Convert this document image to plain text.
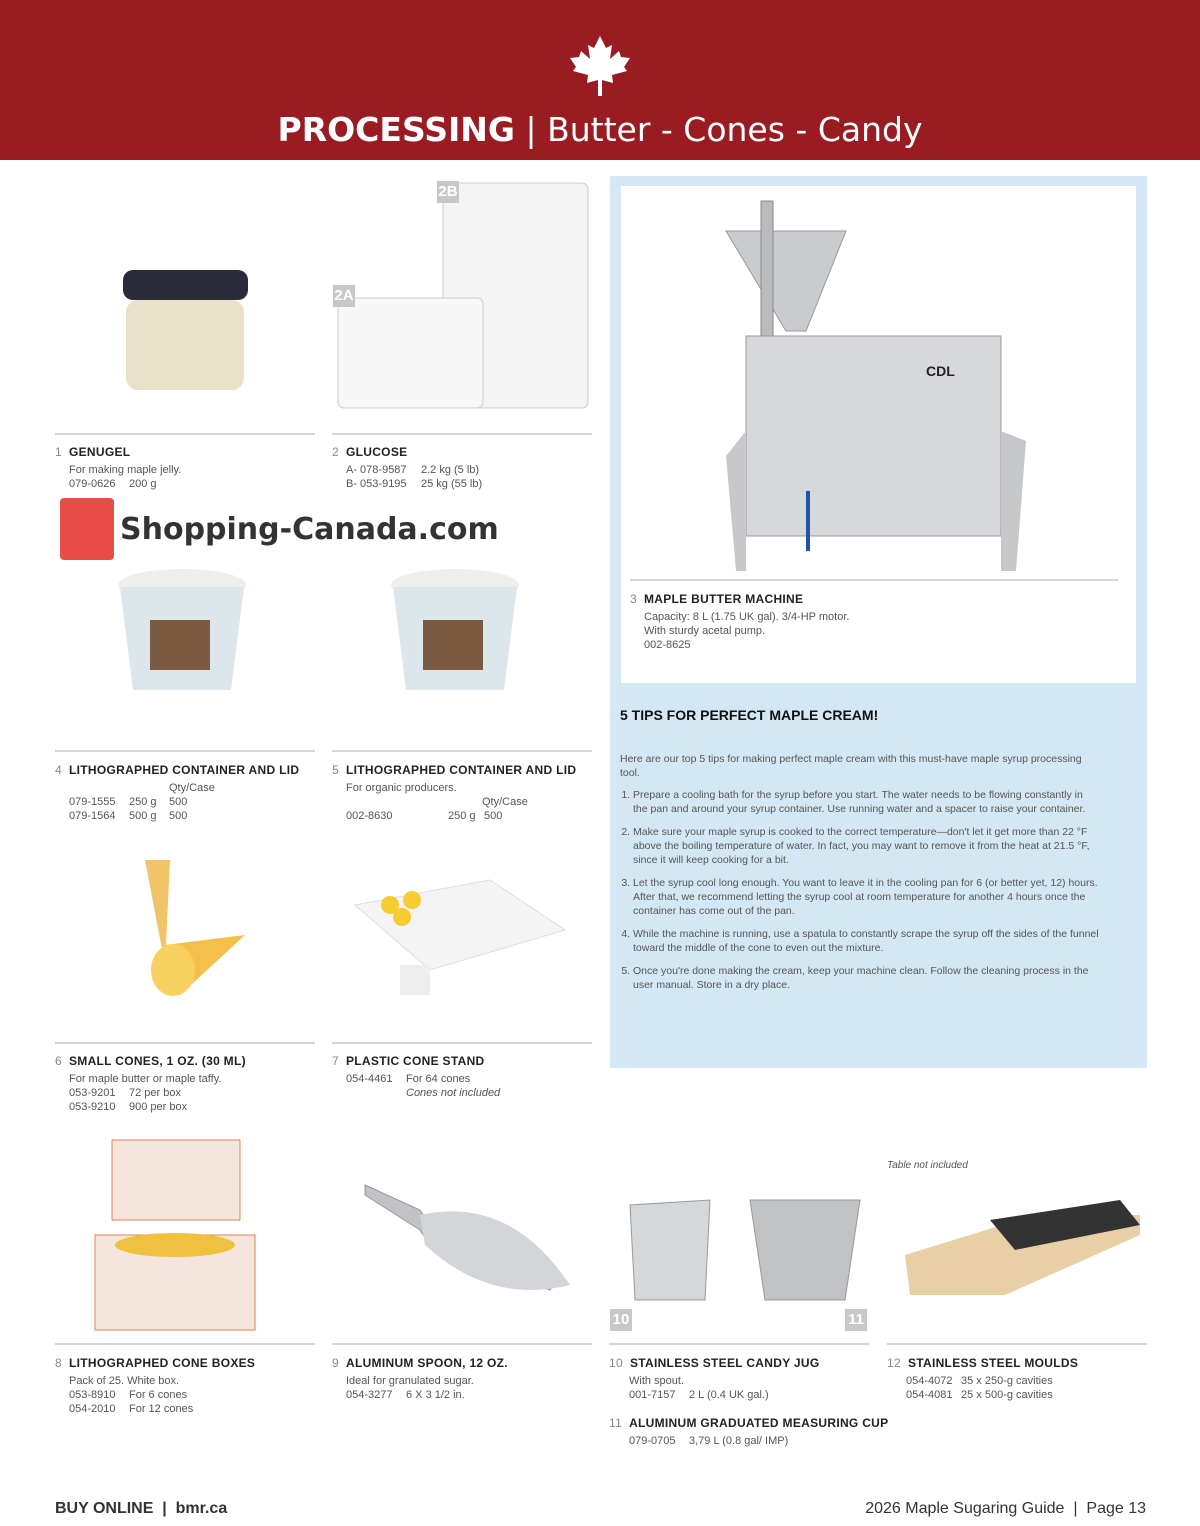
PROCESSING | Butter - Cones - Candy
CDL
3 MAPLE BUTTER MACHINE
Capacity: 8 L (1.75 UK gal). 3/4-HP motor.
With sturdy acetal pump.
002-8625
5 TIPS FOR PERFECT MAPLE CREAM!
Here are our top 5 tips for making perfect maple cream with this must-have maple syrup processing tool.
1. Prepare a cooling bath for the syrup before you start. The water needs to be flowing constantly in the pan and around your syrup container. Use running water and a spacer to raise your container.
2. Make sure your maple syrup is cooked to the correct temperature—don't let it get more than 22 °F above the boiling temperature of water. In fact, you may want to remove it from the heat at 21.5 °F, since it will keep cooking for a bit.
3. Let the syrup cool long enough. You want to leave it in the cooling pan for 6 (or better yet, 12) hours. After that, we recommend letting the syrup cool at room temperature for another 4 hours once the container has come out of the pan.
4. While the machine is running, use a spatula to constantly scrape the syrup off the sides of the funnel toward the middle of the cone to even out the mixture.
5. Once you're done making the cream, keep your machine clean. Follow the cleaning process in the user manual. Store in a dry place.
2A
2B
1 GENUGEL
For making maple jelly.
079-0626 200 g
2 GLUCOSE
A- 078-9587 2.2 kg (5 lb)
B- 053-9195 25 kg (55 lb)
Shopping-Canada.com
4 LITHOGRAPHED CONTAINER AND LID
Qty/Case
079-1555 250 g 500
079-1564 500 g 500
5 LITHOGRAPHED CONTAINER AND LID
For organic producers.
Qty/Case
002-8630	250 g 500
6 SMALL CONES, 1 OZ. (30 ML)
For maple butter or maple taffy.
053-9201 72 per box
053-9210 900 per box
7 PLASTIC CONE STAND
054-4461 For 64 cones
Cones not included
10	11
Table not included
8 LITHOGRAPHED CONE BOXES
Pack of 25. White box.
053-8910 For 6 cones
054-2010 For 12 cones
9 ALUMINUM SPOON, 12 OZ.
Ideal for granulated sugar.
054-3277 6 X 3 1/2 in.
10 STAINLESS STEEL CANDY JUG
With spout.
001-7157 2 L (0.4 UK gal.)
11 ALUMINUM GRADUATED MEASURING CUP
079-0705 3,79 L (0.8 gal/ IMP)
12 STAINLESS STEEL MOULDS
054-4072 35 x 250-g cavities
054-4081 25 x 500-g cavities
BUY ONLINE  |  bmr.ca	2026 Maple Sugaring Guide  |  Page 13
